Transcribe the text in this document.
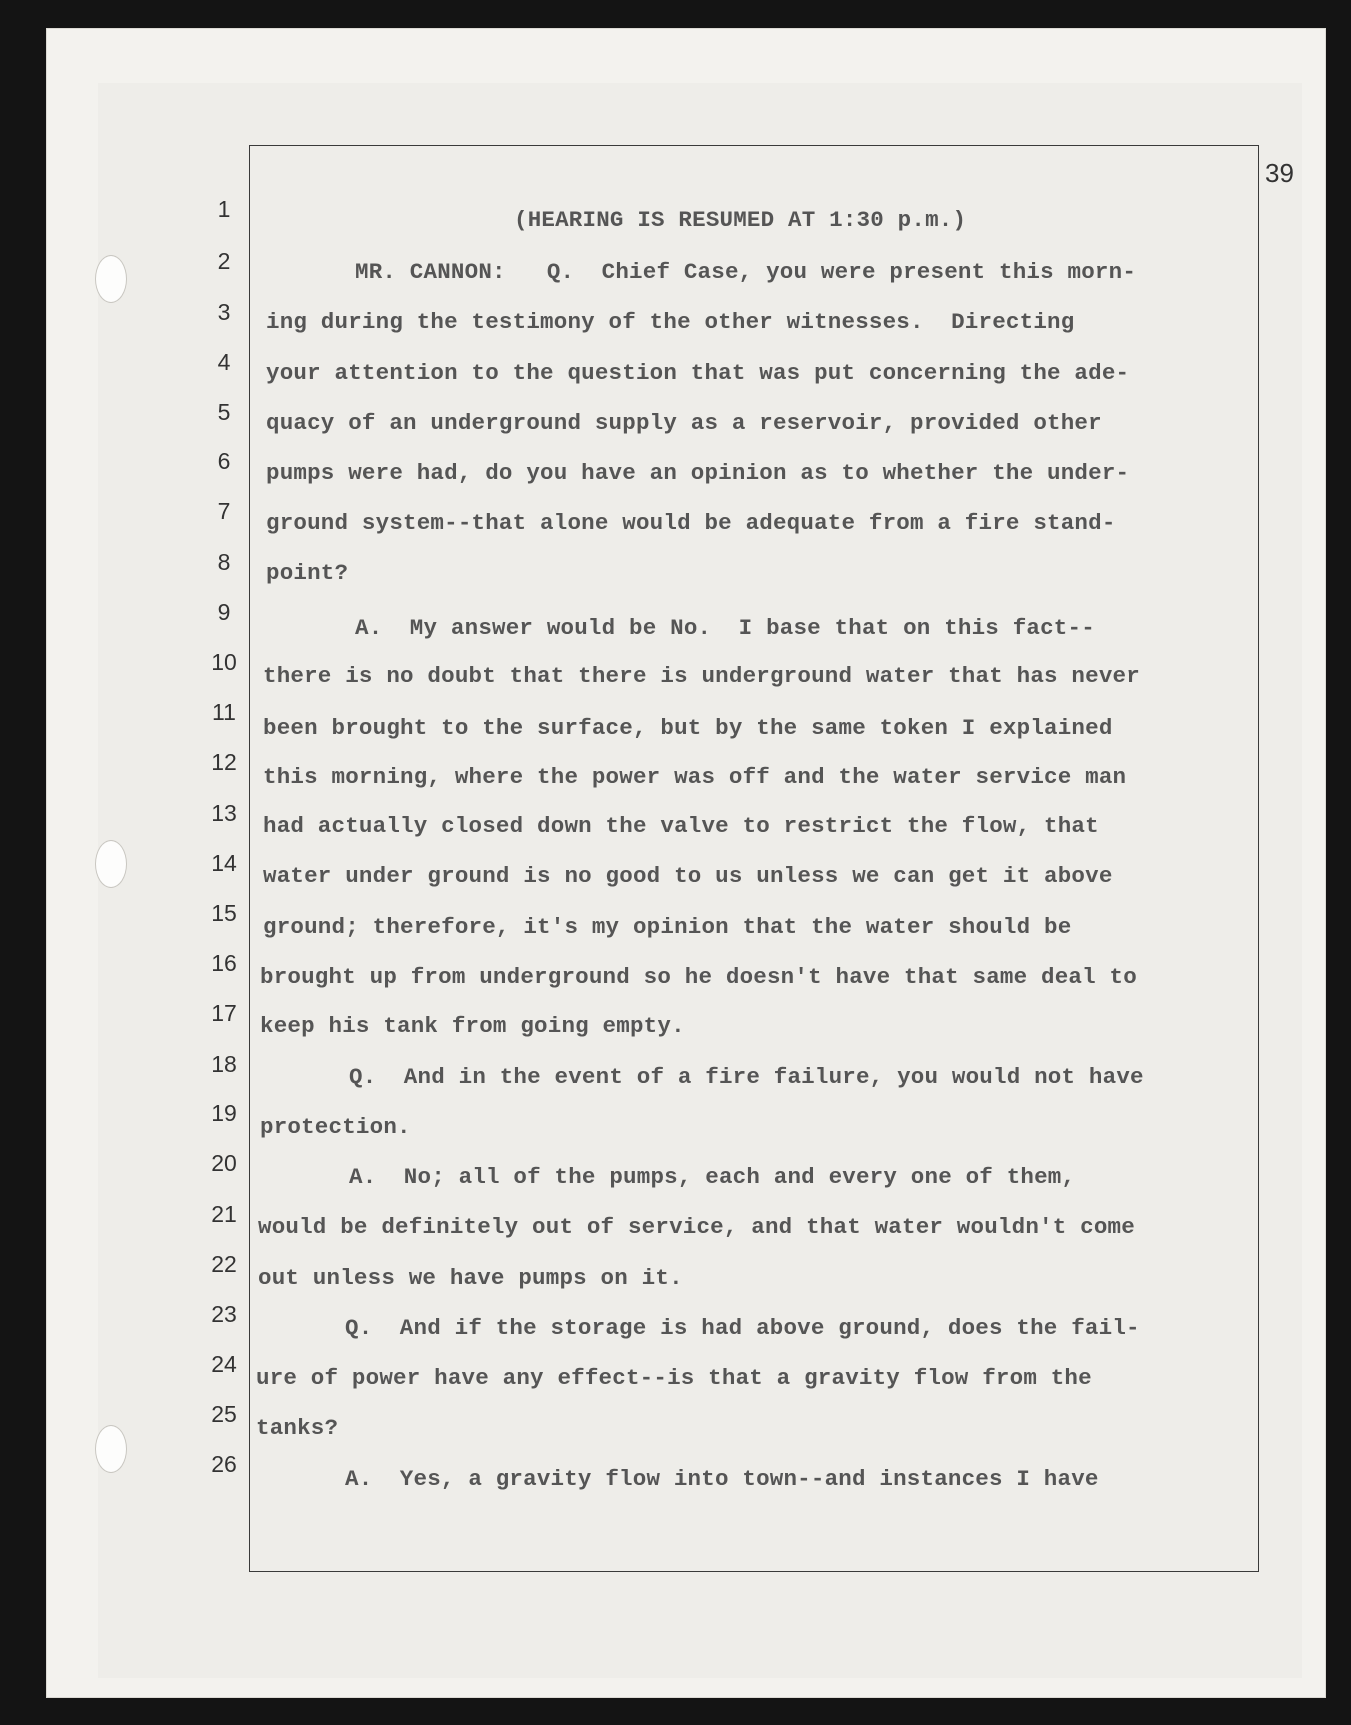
39
1
2
3
4
5
6
7
8
9
10
11
12
13
14
15
16
17
18
19
20
21
22
23
24
25
26
(HEARING IS RESUMED AT 1:30 p.m.)
MR. CANNON:   Q.  Chief Case, you were present this morn-
ing during the testimony of the other witnesses.  Directing
your attention to the question that was put concerning the ade-
quacy of an underground supply as a reservoir, provided other
pumps were had, do you have an opinion as to whether the under-
ground system--that alone would be adequate from a fire stand-
point?
A.  My answer would be No.  I base that on this fact--
there is no doubt that there is underground water that has never
been brought to the surface, but by the same token I explained
this morning, where the power was off and the water service man
had actually closed down the valve to restrict the flow, that
water under ground is no good to us unless we can get it above
ground; therefore, it's my opinion that the water should be
brought up from underground so he doesn't have that same deal to
keep his tank from going empty.
Q.  And in the event of a fire failure, you would not have
protection.
A.  No; all of the pumps, each and every one of them,
would be definitely out of service, and that water wouldn't come
out unless we have pumps on it.
Q.  And if the storage is had above ground, does the fail-
ure of power have any effect--is that a gravity flow from the
tanks?
A.  Yes, a gravity flow into town--and instances I have
